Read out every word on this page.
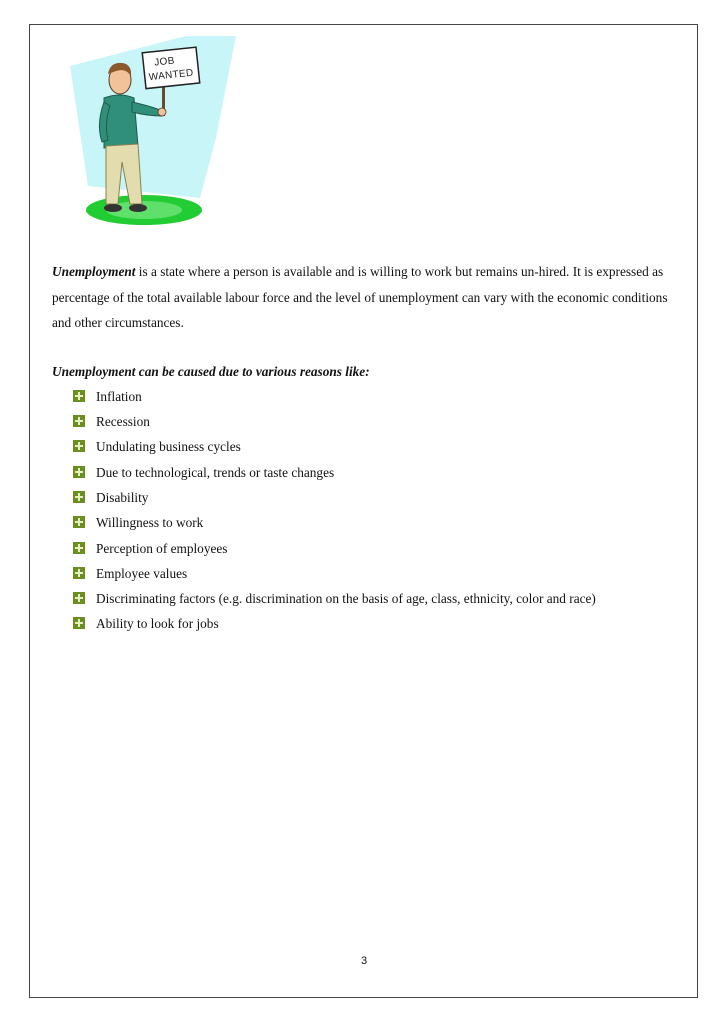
JOB
WANTED

Unemployment is a state where a person is available and is willing to work but remains un-hired. It is expressed as percentage of the total available labour force and the level of unemployment can vary with the economic conditions and other circumstances.

Unemployment can be caused due to various reasons like:

Inflation
Recession
Undulating business cycles
Due to technological, trends or taste changes
Disability
Willingness to work
Perception of employees
Employee values
Discriminating factors (e.g. discrimination on the basis of age, class, ethnicity, color and race)
Ability to look for jobs
3
